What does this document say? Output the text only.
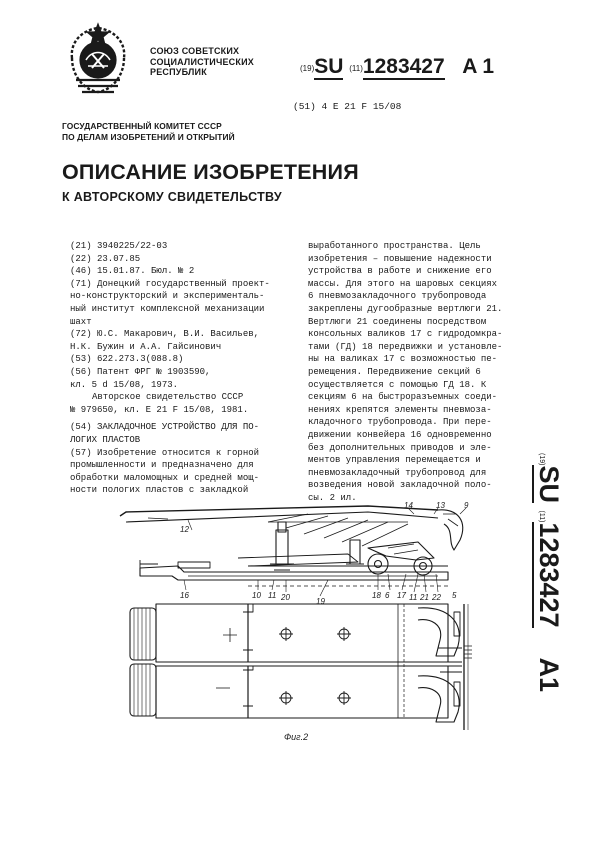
СОЮЗ СОВЕТСКИХ
СОЦИАЛИСТИЧЕСКИХ
РЕСПУБЛИК	(19)SU (11)1283427 A 1
(51) 4 Е 21 F 15/08
ГОСУДАРСТВЕННЫЙ КОМИТЕТ СССР
ПО ДЕЛАМ ИЗОБРЕТЕНИЙ И ОТКРЫТИЙ
ОПИСАНИЕ ИЗОБРЕТЕНИЯ
К АВТОРСКОМУ СВИДЕТЕЛЬСТВУ
(21) 3940225/22-03
(22) 23.07.85
(46) 15.01.87. Бюл. № 2
(71) Донецкий государственный проект-
но-конструкторский и эксперименталь-
ный институт комплексной механизации
шахт
(72) Ю.С. Макарович, В.И. Васильев,
Н.К. Бужин и А.А. Гайсинович
(53) 622.273.3(088.8)
(56) Патент ФРГ № 1903590,
кл. 5 d 15/08, 1973.
Авторское свидетельство СССР
№ 979650, кл. Е 21 F 15/08, 1981.
(54) ЗАКЛАДОЧНОЕ УСТРОЙСТВО ДЛЯ ПО-
ЛОГИХ ПЛАСТОВ
(57) Изобретение относится к горной
промышленности и предназначено для
обработки маломощных и средней мощ-
ности пологих пластов с закладкой
выработанного пространства. Цель
изобретения – повышение надежности
устройства в работе и снижение его
массы. Для этого на шаровых секциях
6 пневмозакладочного трубопровода
закреплены дугообразные вертлюги 21.
Вертлюги 21 соединены посредством
консольных валиков 17 с гидродомкра-
тами (ГД) 18 передвижки и установле-
ны на валиках 17 с возможностью пе-
ремещения. Передвижение секций 6
осуществляется с помощью ГД 18. К
секциям 6 на быстроразъемных соеди-
нениях крепятся элементы пневмоза-
кладочного трубопровода. При пере-
движении конвейера 16 одновременно
без дополнительных приводов и эле-
ментов управления перемещается и
пневмозакладочный трубопровод для
возведения новой закладочной поло-
сы. 2 ил.
(19)SU (11)1283427    A1
12
14	13 9
16	10 11 20	19
18 6 17 11 21 22 5
Фиг.2
